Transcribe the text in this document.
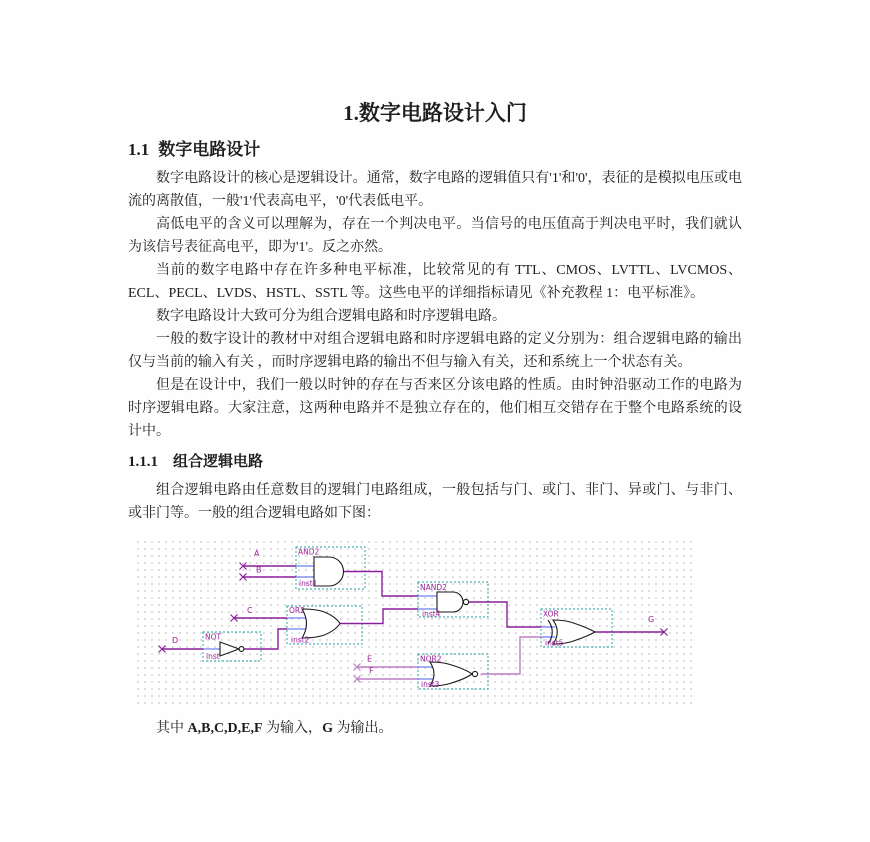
1.数字电路设计入门
1.1 数字电路设计

数字电路设计的核心是逻辑设计。通常，数字电路的逻辑值只有'1'和'0'，表征的是模拟电压或电流的离散值，一般'1'代表高电平，'0'代表低电平。

高低电平的含义可以理解为，存在一个判决电平。当信号的电压值高于判决电平时，我们就认为该信号表征高电平，即为'1'。反之亦然。

当前的数字电路中存在许多种电平标准，比较常见的有 TTL、CMOS、LVTTL、LVCMOS、ECL、PECL、LVDS、HSTL、SSTL 等。这些电平的详细指标请见《补充教程 1：电平标准》。

数字电路设计大致可分为组合逻辑电路和时序逻辑电路。

一般的数字设计的教材中对组合逻辑电路和时序逻辑电路的定义分别为：组合逻辑电路的输出仅与当前的输入有关 ，而时序逻辑电路的输出不但与输入有关，还和系统上一个状态有关。

但是在设计中，我们一般以时钟的存在与否来区分该电路的性质。由时钟沿驱动工作的电路为时序逻辑电路。大家注意，这两种电路并不是独立存在的，他们相互交错存在于整个电路系统的设计中。

1.1.1 组合逻辑电路

组合逻辑电路由任意数目的逻辑门电路组成，一般包括与门、或门、非门、异或门、与非门、或非门等。一般的组合逻辑电路如下图：

AND2
inst1
OR2
inst2
NOT
inst
NAND2
inst4
NOR2
inst3
XOR
inst5
A
B
C
D
E
F
G

其中 A,B,C,D,E,F 为输入，G 为输出。
